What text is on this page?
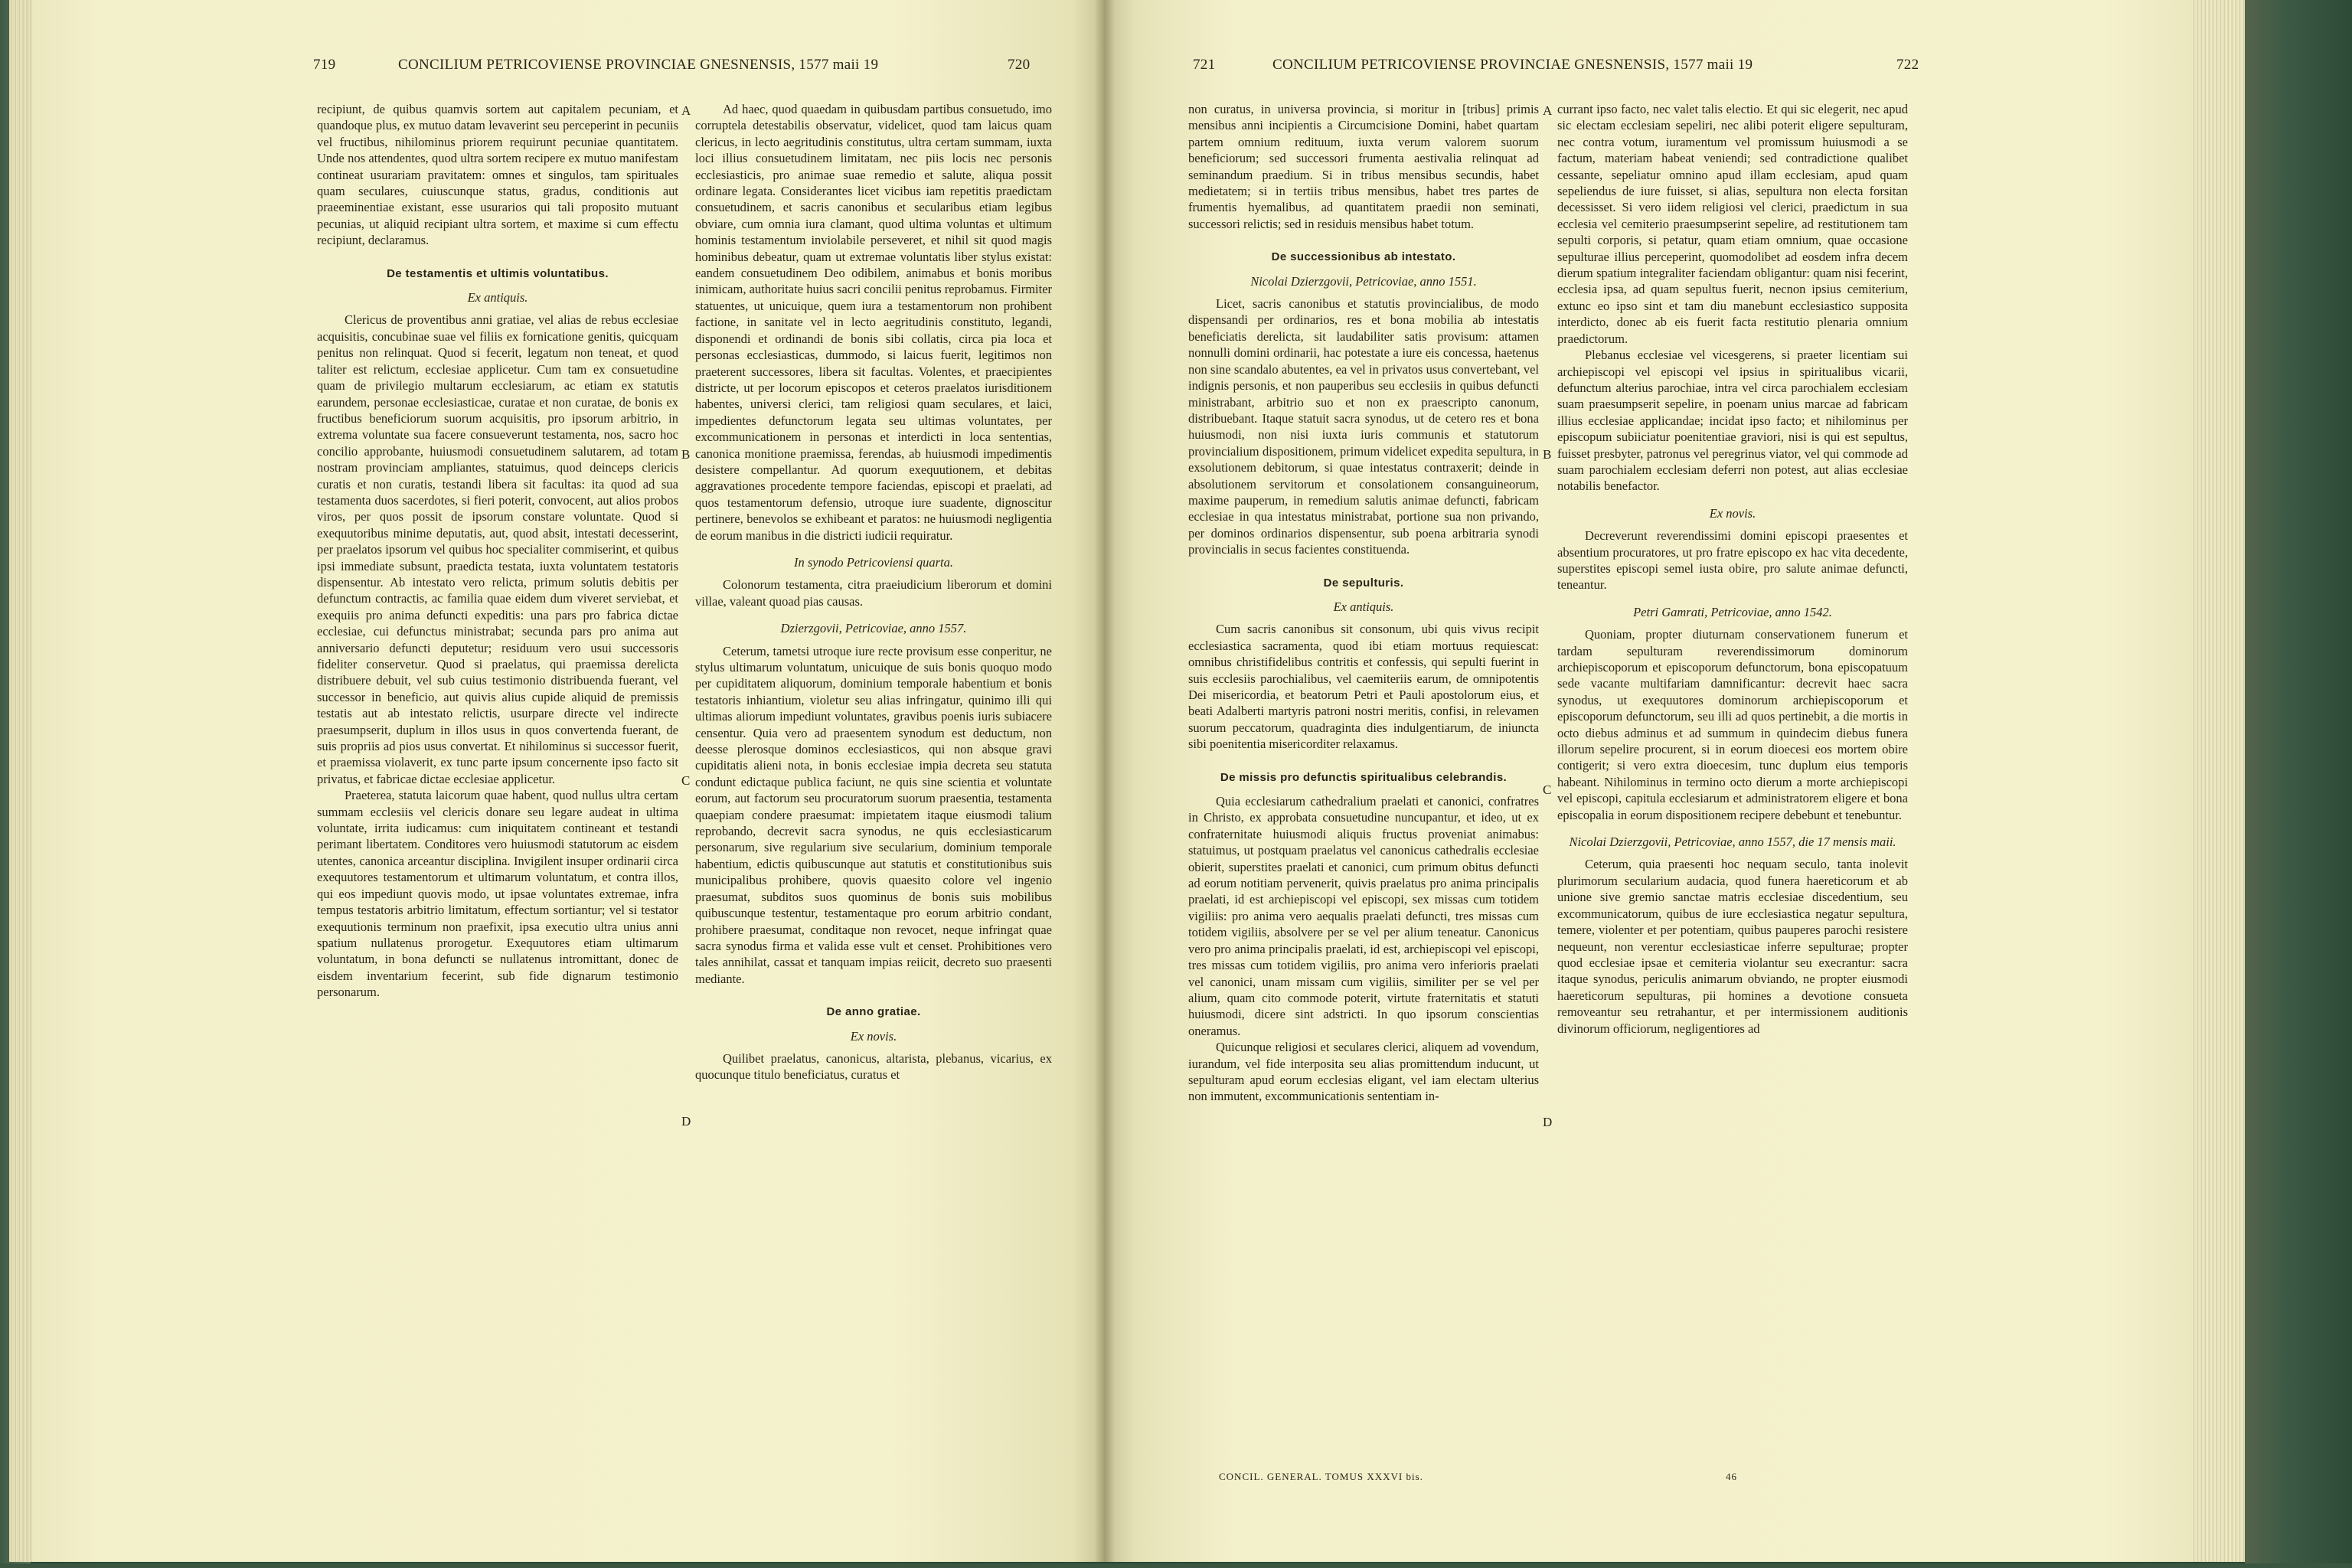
719	CONCILIUM PETRICOVIENSE PROVINCIAE GNESNENSIS, 1577 maii 19	720

recipiunt, de quibus quamvis sortem aut capitalem pecuniam, et quandoque plus, ex mutuo datam levaverint seu perceperint in pecuniis vel fructibus, nihilominus priorem requirunt pecuniae quantitatem. Unde nos attendentes, quod ultra sortem recipere ex mutuo manifestam contineat usurariam pravitatem: omnes et singulos, tam spirituales quam seculares, cuiuscunque status, gradus, conditionis aut praeeminentiae existant, esse usurarios qui tali proposito mutuant pecunias, ut aliquid recipiant ultra sortem, et maxime si cum effectu recipiunt, declaramus.

De testamentis et ultimis voluntatibus.
Ex antiquis.

Clericus de proventibus anni gratiae, vel alias de rebus ecclesiae acquisitis, concubinae suae vel filiis ex fornicatione genitis, quicquam penitus non relinquat. Quod si fecerit, legatum non teneat, et quod taliter est relictum, ecclesiae applicetur. Cum tam ex consuetudine quam de privilegio multarum ecclesiarum, ac etiam ex statutis earundem, personae ecclesiasticae, curatae et non curatae, de bonis ex fructibus beneficiorum suorum acquisitis, pro ipsorum arbitrio, in extrema voluntate sua facere consueverunt testamenta, nos, sacro hoc concilio approbante, huiusmodi consuetudinem salutarem, ad totam nostram provinciam ampliantes, statuimus, quod deinceps clericis curatis et non curatis, testandi libera sit facultas: ita quod ad sua testamenta duos sacerdotes, si fieri poterit, convocent, aut alios probos viros, per quos possit de ipsorum constare voluntate. Quod si exequutoribus minime deputatis, aut, quod absit, intestati decesserint, per praelatos ipsorum vel quibus hoc specialiter commiserint, et quibus ipsi immediate subsunt, praedicta testata, iuxta voluntatem testatoris dispensentur. Ab intestato vero relicta, primum solutis debitis per defunctum contractis, ac familia quae eidem dum viveret serviebat, et exequiis pro anima defuncti expeditis: una pars pro fabrica dictae ecclesiae, cui defunctus ministrabat; secunda pars pro anima aut anniversario defuncti deputetur; residuum vero usui successoris fideliter conservetur. Quod si praelatus, qui praemissa derelicta distribuere debuit, vel sub cuius testimonio distribuenda fuerant, vel successor in beneficio, aut quivis alius cupide aliquid de premissis testatis aut ab intestato relictis, usurpare directe vel indirecte praesumpserit, duplum in illos usus in quos convertenda fuerant, de suis propriis ad pios usus convertat. Et nihilominus si successor fuerit, et praemissa violaverit, ex tunc parte ipsum concernente ipso facto sit privatus, et fabricae dictae ecclesiae applicetur.

Praeterea, statuta laicorum quae habent, quod nullus ultra certam summam ecclesiis vel clericis donare seu legare audeat in ultima voluntate, irrita iudicamus: cum iniquitatem contineant et testandi perimant libertatem. Conditores vero huiusmodi statutorum ac eisdem utentes, canonica arceantur disciplina. Invigilent insuper ordinarii circa exequutores testamentorum et ultimarum voluntatum, et contra illos, qui eos impediunt quovis modo, ut ipsae voluntates extremae, infra tempus testatoris arbitrio limitatum, effectum sortiantur; vel si testator exequutionis terminum non praefixit, ipsa executio ultra unius anni spatium nullatenus prorogetur. Exequutores etiam ultimarum voluntatum, in bona defuncti se nullatenus intromittant, donec de eisdem inventarium fecerint, sub fide dignarum testimonio personarum.

A
B
C
D

Ad haec, quod quaedam in quibusdam partibus consuetudo, imo corruptela detestabilis observatur, videlicet, quod tam laicus quam clericus, in lecto aegritudinis constitutus, ultra certam summam, iuxta loci illius consuetudinem limitatam, nec piis locis nec personis ecclesiasticis, pro animae suae remedio et salute, aliqua possit ordinare legata. Considerantes licet vicibus iam repetitis praedictam consuetudinem, et sacris canonibus et secularibus etiam legibus obviare, cum omnia iura clamant, quod ultima voluntas et ultimum hominis testamentum inviolabile perseveret, et nihil sit quod magis hominibus debeatur, quam ut extremae voluntatis liber stylus existat: eandem consuetudinem Deo odibilem, animabus et bonis moribus inimicam, authoritate huius sacri concilii penitus reprobamus. Firmiter statuentes, ut unicuique, quem iura a testamentorum non prohibent factione, in sanitate vel in lecto aegritudinis constituto, legandi, disponendi et ordinandi de bonis sibi collatis, circa pia loca et personas ecclesiasticas, dummodo, si laicus fuerit, legitimos non praeterent successores, libera sit facultas. Volentes, et praecipientes districte, ut per locorum episcopos et ceteros praelatos iurisditionem habentes, universi clerici, tam religiosi quam seculares, et laici, impedientes defunctorum legata seu ultimas voluntates, per excommunicationem in personas et interdicti in loca sententias, canonica monitione praemissa, ferendas, ab huiusmodi impedimentis desistere compellantur. Ad quorum exequutionem, et debitas aggravationes procedente tempore faciendas, episcopi et praelati, ad quos testamentorum defensio, utroque iure suadente, dignoscitur pertinere, benevolos se exhibeant et paratos: ne huiusmodi negligentia de eorum manibus in die districti iudicii requiratur.

In synodo Petricoviensi quarta.

Colonorum testamenta, citra praeiudicium liberorum et domini villae, valeant quoad pias causas.

Dzierzgovii, Petricoviae, anno 1557.

Ceterum, tametsi utroque iure recte provisum esse conperitur, ne stylus ultimarum voluntatum, unicuique de suis bonis quoquo modo per cupiditatem aliquorum, dominium temporale habentium et bonis testatoris inhiantium, violetur seu alias infringatur, quinimo illi qui ultimas aliorum impediunt voluntates, gravibus poenis iuris subiacere censentur. Quia vero ad praesentem synodum est deductum, non deesse plerosque dominos ecclesiasticos, qui non absque gravi cupiditatis alieni nota, in bonis ecclesiae impia decreta seu statuta condunt edictaque publica faciunt, ne quis sine scientia et voluntate eorum, aut factorum seu procuratorum suorum praesentia, testamenta quaepiam condere praesumat: impietatem itaque eiusmodi talium reprobando, decrevit sacra synodus, ne quis ecclesiasticarum personarum, sive regularium sive secularium, dominium temporale habentium, edictis quibuscunque aut statutis et constitutionibus suis municipalibus prohibere, quovis quaesito colore vel ingenio praesumat, subditos suos quominus de bonis suis mobilibus quibuscunque testentur, testamentaque pro eorum arbitrio condant, prohibere praesumat, conditaque non revocet, neque infringat quae sacra synodus firma et valida esse vult et censet. Prohibitiones vero tales annihilat, cassat et tanquam impias reiicit, decreto suo praesenti mediante.

De anno gratiae.
Ex novis.

Quilibet praelatus, canonicus, altarista, plebanus, vicarius, ex quocunque titulo beneficiatus, curatus et

721	CONCILIUM PETRICOVIENSE PROVINCIAE GNESNENSIS, 1577 maii 19	722

non curatus, in universa provincia, si moritur in [tribus] primis mensibus anni incipientis a Circumcisione Domini, habet quartam partem omnium redituum, iuxta verum valorem suorum beneficiorum; sed successori frumenta aestivalia relinquat ad seminandum praedium. Si in tribus mensibus secundis, habet medietatem; si in tertiis tribus mensibus, habet tres partes de frumentis hyemalibus, ad quantitatem praedii non seminati, successori relictis; sed in residuis mensibus habet totum.

De successionibus ab intestato.
Nicolai Dzierzgovii, Petricoviae, anno 1551.

Licet, sacris canonibus et statutis provincialibus, de modo dispensandi per ordinarios, res et bona mobilia ab intestatis beneficiatis derelicta, sit laudabiliter satis provisum: attamen nonnulli domini ordinarii, hac potestate a iure eis concessa, haetenus non sine scandalo abutentes, ea vel in privatos usus convertebant, vel indignis personis, et non pauperibus seu ecclesiis in quibus defuncti ministrabant, arbitrio suo et non ex praescripto canonum, distribuebant. Itaque statuit sacra synodus, ut de cetero res et bona huiusmodi, non nisi iuxta iuris communis et statutorum provincialium dispositionem, primum videlicet expedita sepultura, in exsolutionem debitorum, si quae intestatus contraxerit; deinde in absolutionem servitorum et consolationem consanguineorum, maxime pauperum, in remedium salutis animae defuncti, fabricam ecclesiae in qua intestatus ministrabat, portione sua non privando, per dominos ordinarios dispensentur, sub poena arbitraria synodi provincialis in secus facientes constituenda.

De sepulturis.
Ex antiquis.

Cum sacris canonibus sit consonum, ubi quis vivus recipit ecclesiastica sacramenta, quod ibi etiam mortuus requiescat: omnibus christifidelibus contritis et confessis, qui sepulti fuerint in suis ecclesiis parochialibus, vel caemiteriis earum, de omnipotentis Dei misericordia, et beatorum Petri et Pauli apostolorum eius, et beati Adalberti martyris patroni nostri meritis, confisi, in relevamen suorum peccatorum, quadraginta dies indulgentiarum, de iniuncta sibi poenitentia misericorditer relaxamus.

De missis pro defunctis spiritualibus celebrandis.

Quia ecclesiarum cathedralium praelati et canonici, confratres in Christo, ex approbata consuetudine nuncupantur, et ideo, ut ex confraternitate huiusmodi aliquis fructus proveniat animabus: statuimus, ut postquam praelatus vel canonicus cathedralis ecclesiae obierit, superstites praelati et canonici, cum primum obitus defuncti ad eorum notitiam pervenerit, quivis praelatus pro anima principalis praelati, id est archiepiscopi vel episcopi, sex missas cum totidem vigiliis: pro anima vero aequalis praelati defuncti, tres missas cum totidem vigiliis, absolvere per se vel per alium teneatur. Canonicus vero pro anima principalis praelati, id est, archiepiscopi vel episcopi, tres missas cum totidem vigiliis, pro anima vero inferioris praelati vel canonici, unam missam cum vigiliis, similiter per se vel per alium, quam cito commode poterit, virtute fraternitatis et statuti huiusmodi, dicere sint adstricti. In quo ipsorum conscientias oneramus.

Quicunque religiosi et seculares clerici, aliquem ad vovendum, iurandum, vel fide interposita seu alias promittendum inducunt, ut sepulturam apud eorum ecclesias eligant, vel iam electam ulterius non immutent, excommunicationis sententiam in-

A
B
C
D

currant ipso facto, nec valet talis electio. Et qui sic elegerit, nec apud sic electam ecclesiam sepeliri, nec alibi poterit eligere sepulturam, nec contra votum, iuramentum vel promissum huiusmodi a se factum, materiam habeat veniendi; sed contradictione qualibet cessante, sepeliatur omnino apud illam ecclesiam, apud quam sepeliendus de iure fuisset, si alias, sepultura non electa forsitan decessisset. Si vero iidem religiosi vel clerici, praedictum in sua ecclesia vel cemiterio praesumpserint sepelire, ad restitutionem tam sepulti corporis, si petatur, quam etiam omnium, quae occasione sepulturae illius perceperint, quomodolibet ad eosdem infra decem dierum spatium integraliter faciendam obligantur: quam nisi fecerint, ecclesia ipsa, ad quam sepultus fuerit, necnon ipsius cemiterium, extunc eo ipso sint et tam diu manebunt ecclesiastico supposita interdicto, donec ab eis fuerit facta restitutio plenaria omnium praedictorum.

Plebanus ecclesiae vel vicesgerens, si praeter licentiam sui archiepiscopi vel episcopi vel ipsius in spiritualibus vicarii, defunctum alterius parochiae, intra vel circa parochialem ecclesiam suam praesumpserit sepelire, in poenam unius marcae ad fabricam illius ecclesiae applicandae; incidat ipso facto; et nihilominus per episcopum subiiciatur poenitentiae graviori, nisi is qui est sepultus, fuisset presbyter, patronus vel peregrinus viator, vel qui commode ad suam parochialem ecclesiam deferri non potest, aut alias ecclesiae notabilis benefactor.

Ex novis.

Decreverunt reverendissimi domini episcopi praesentes et absentium procuratores, ut pro fratre episcopo ex hac vita decedente, superstites episcopi semel iusta obire, pro salute animae defuncti, teneantur.

Petri Gamrati, Petricoviae, anno 1542.

Quoniam, propter diuturnam conservationem funerum et tardam sepulturam reverendissimorum dominorum archiepiscoporum et episcoporum defunctorum, bona episcopatuum sede vacante multifariam damnificantur: decrevit haec sacra synodus, ut exequutores dominorum archiepiscoporum et episcoporum defunctorum, seu illi ad quos pertinebit, a die mortis in octo diebus adminus et ad summum in quindecim diebus funera illorum sepelire procurent, si in eorum dioecesi eos mortem obire contigerit; si vero extra dioecesim, tunc duplum eius temporis habeant. Nihilominus in termino octo dierum a morte archiepiscopi vel episcopi, capitula ecclesiarum et administratorem eligere et bona episcopalia in eorum dispositionem recipere debebunt et tenebuntur.

Nicolai Dzierzgovii, Petricoviae, anno 1557, die 17 mensis maii.

Ceterum, quia praesenti hoc nequam seculo, tanta inolevit plurimorum secularium audacia, quod funera haereticorum et ab unione sive gremio sanctae matris ecclesiae discedentium, seu excommunicatorum, quibus de iure ecclesiastica negatur sepultura, temere, violenter et per potentiam, quibus pauperes parochi resistere nequeunt, non verentur ecclesiasticae inferre sepulturae; propter quod ecclesiae ipsae et cemiteria violantur seu execrantur: sacra itaque synodus, periculis animarum obviando, ne propter eiusmodi haereticorum sepulturas, pii homines a devotione consueta removeantur seu retrahantur, et per intermissionem auditionis divinorum officiorum, negligentiores ad

CONCIL. GENERAL. TOMUS XXXVI bis.	46
